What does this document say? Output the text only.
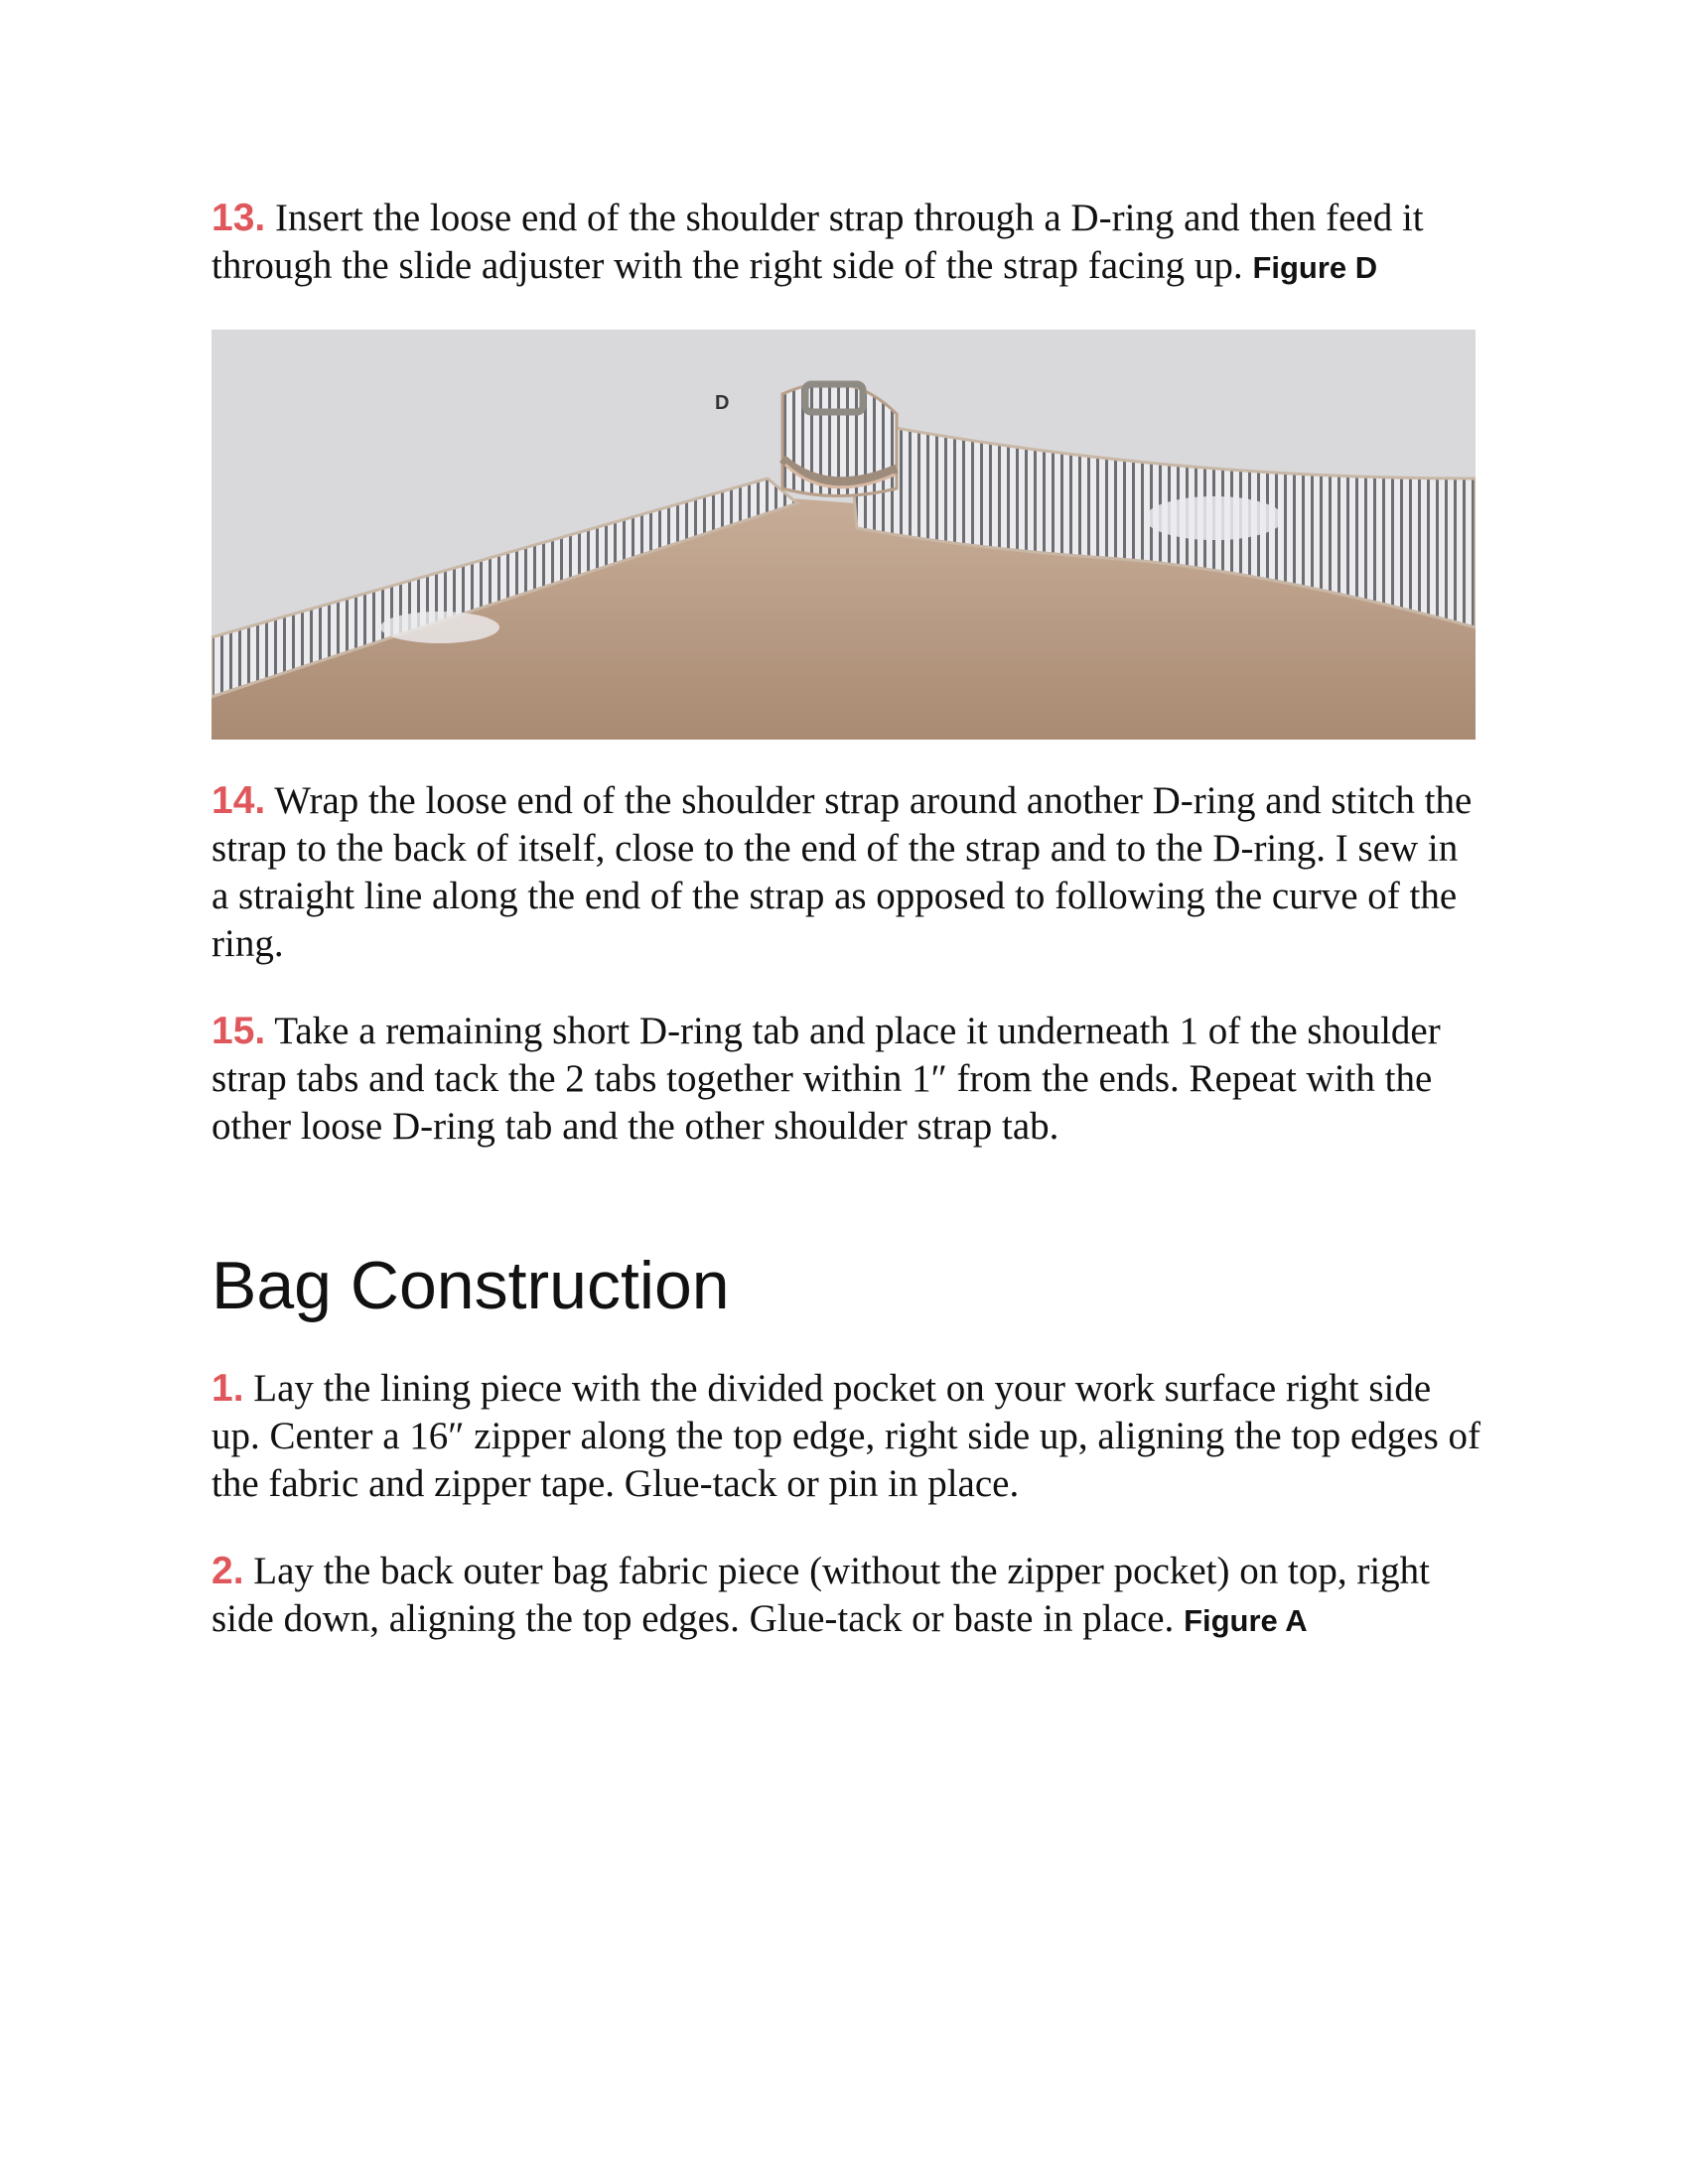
13. Insert the loose end of the shoulder strap through a D-ring and then feed it through the slide adjuster with the right side of the strap facing up. Figure D

D

14. Wrap the loose end of the shoulder strap around another D-ring and stitch the strap to the back of itself, close to the end of the strap and to the D-ring. I sew in a straight line along the end of the strap as opposed to following the curve of the ring.

15. Take a remaining short D-ring tab and place it underneath 1 of the shoulder strap tabs and tack the 2 tabs together within 1″ from the ends. Repeat with the other loose D-ring tab and the other shoulder strap tab.

Bag Construction

1. Lay the lining piece with the divided pocket on your work surface right side up. Center a 16″ zipper along the top edge, right side up, aligning the top edges of the fabric and zipper tape. Glue-tack or pin in place.

2. Lay the back outer bag fabric piece (without the zipper pocket) on top, right side down, aligning the top edges. Glue-tack or baste in place. Figure A
